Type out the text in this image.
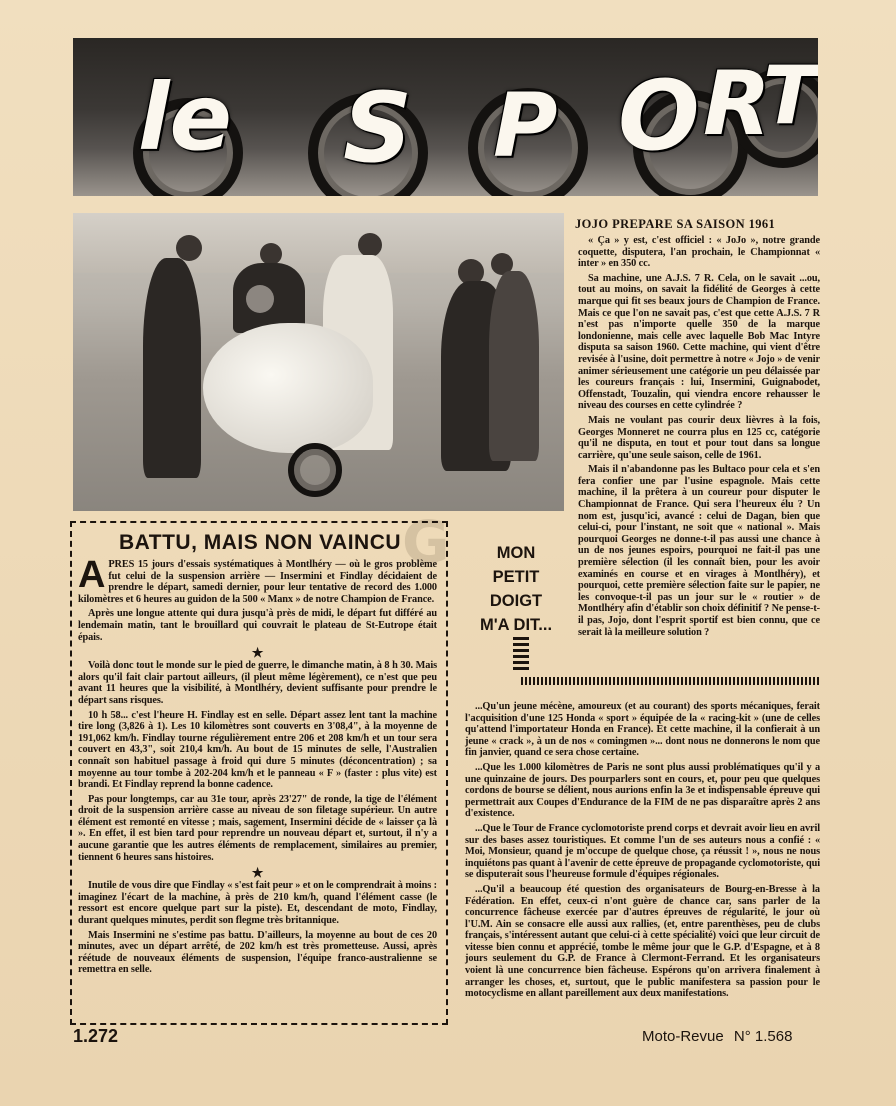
le S P O R
T
JOJO PREPARE SA SAISON 1961

« Ça » y est, c'est officiel : « JoJo », notre grande coquette, disputera, l'an prochain, le Championnat « inter » en 350 cc.

Sa machine, une A.J.S. 7 R. Cela, on le savait ...ou, tout au moins, on savait la fidélité de Georges à cette marque qui fit ses beaux jours de Champion de France. Mais ce que l'on ne savait pas, c'est que cette A.J.S. 7 R n'est pas n'importe quelle 350 de la marque londonienne, mais celle avec laquelle Bob Mac Intyre disputa sa saison 1960. Cette machine, qui vient d'être revisée à l'usine, doit permettre à notre « Jojo » de venir animer sérieusement une catégorie un peu délaissée par les coureurs français : lui, Insermini, Guignabodet, Offenstadt, Touzalin, qui viendra encore rehausser le niveau des courses en cette cylindrée ?

Mais ne voulant pas courir deux lièvres à la fois, Georges Monneret ne courra plus en 125 cc, catégorie qu'il ne disputa, en tout et pour tout dans sa longue carrière, qu'une seule saison, celle de 1961.

Mais il n'abandonne pas les Bultaco pour cela et s'en fera confier une par l'usine espagnole. Mais cette machine, il la prêtera à un coureur pour disputer le Championnat de France. Qui sera l'heureux élu ? Un nom est, jusqu'ici, avancé : celui de Dagan, bien que celui-ci, pour l'instant, ne soit que « national ». Mais pourquoi Georges ne donne-t-il pas aussi une chance à un de nos jeunes espoirs, pourquoi ne fait-il pas une première sélection (il les connaît bien, pour les avoir examinés en course et en virages à Montlhéry), et pourquoi, cette première sélection faite sur le papier, ne les convoque-t-il pas un jour sur le « routier » de Montlhéry afin d'établir son choix définitif ? Ne pense-t-il pas, Jojo, dont l'esprit sportif est bien connu, que ce serait là la meilleure solution ?

G
BATTU, MAIS NON VAINCU

APRES 15 jours d'essais systématiques à Montlhéry — où le gros problème fut celui de la suspension arrière — Insermini et Findlay décidaient de prendre le départ, samedi dernier, pour leur tentative de record des 1.000 kilomètres et 6 heures au guidon de la 500 « Manx » de notre Champion de France.

Après une longue attente qui dura jusqu'à près de midi, le départ fut différé au lendemain matin, tant le brouillard qui couvrait le plateau de St-Eutrope était épais.

★

Voilà donc tout le monde sur le pied de guerre, le dimanche matin, à 8 h 30. Mais alors qu'il fait clair partout ailleurs, (il pleut même légèrement), ce n'est que peu avant 11 heures que la visibilité, à Montlhéry, devient suffisante pour prendre le départ sans risques.

10 h 58... c'est l'heure H. Findlay est en selle. Départ assez lent tant la machine tire long (3,826 à 1). Les 10 kilomètres sont couverts en 3'08,4", à la moyenne de 191,062 km/h. Findlay tourne régulièrement entre 206 et 208 km/h et un tour sera couvert en 43,3", soit 210,4 km/h. Au bout de 15 minutes de selle, l'Australien connaît son habituel passage à froid qui dure 5 minutes (déconcentration) ; sa moyenne au tour tombe à 202-204 km/h et le panneau « F » (faster : plus vite) est brandi. Et Findlay reprend la bonne cadence.

Pas pour longtemps, car au 31e tour, après 23'27" de ronde, la tige de l'élément droit de la suspension arrière casse au niveau de son filetage supérieur. Un autre élément est remonté en vitesse ; mais, sagement, Insermini décide de « laisser ça là ». En effet, il est bien tard pour reprendre un nouveau départ et, surtout, il n'y a aucune garantie que les autres éléments de remplacement, similaires au premier, tiennent 6 heures sans histoires.

★

Inutile de vous dire que Findlay « s'est fait peur » et on le comprendrait à moins : imaginez l'écart de la machine, à près de 210 km/h, quand l'élément casse (le ressort est encore quelque part sur la piste). Et, descendant de moto, Findlay, durant quelques minutes, perdit son flegme très britannique.

Mais Insermini ne s'estime pas battu. D'ailleurs, la moyenne au bout de ces 20 minutes, avec un départ arrêté, de 202 km/h est très prometteuse. Aussi, après réétude de nouveaux éléments de suspension, l'équipe franco-australienne se remettra en selle.

MON
PETIT
DOIGT
M'A DIT...

...Qu'un jeune mécène, amoureux (et au courant) des sports mécaniques, ferait l'acquisition d'une 125 Honda « sport » équipée de la « racing-kit » (une de celles qu'attend l'importateur Honda en France). Et cette machine, il la confierait à un jeune « crack », à un de nos « comingmen »... dont nous ne donnerons le nom que fin janvier, quand ce sera chose certaine.

...Que les 1.000 kilomètres de Paris ne sont plus aussi problématiques qu'il y a une quinzaine de jours. Des pourparlers sont en cours, et, pour peu que quelques cordons de bourse se délient, nous aurions enfin la 3e et indispensable épreuve qui permettrait aux Coupes d'Endurance de la FIM de ne pas disparaître après 2 ans d'existence.

...Que le Tour de France cyclomotoriste prend corps et devrait avoir lieu en avril sur des bases assez touristiques. Et comme l'un de ses auteurs nous a confié : « Moi, Monsieur, quand je m'occupe de quelque chose, ça réussit ! », nous ne nous inquiétons pas quant à l'avenir de cette épreuve de propagande cyclomotoriste, qui se disputerait sous l'heureuse formule d'équipes régionales.

...Qu'il a beaucoup été question des organisateurs de Bourg-en-Bresse à la Fédération. En effet, ceux-ci n'ont guère de chance car, sans parler de la concurrence fâcheuse exercée par d'autres épreuves de régularité, le jour où l'U.M. Ain se consacre elle aussi aux rallies, (et, entre parenthèses, peu de clubs français, s'intéressent autant que celui-ci à cette spécialité) voici que leur circuit de vitesse bien connu et apprécié, tombe le même jour que le G.P. d'Espagne, et à 8 jours seulement du G.P. de France à Clermont-Ferrand. Et les organisateurs voient là une concurrence bien fâcheuse. Espérons qu'on arrivera finalement à arranger les choses, et, surtout, que le public manifestera sa passion pour le motocyclisme en allant pareillement aux deux manifestations.

1.272	Moto-Revue N° 1.568
